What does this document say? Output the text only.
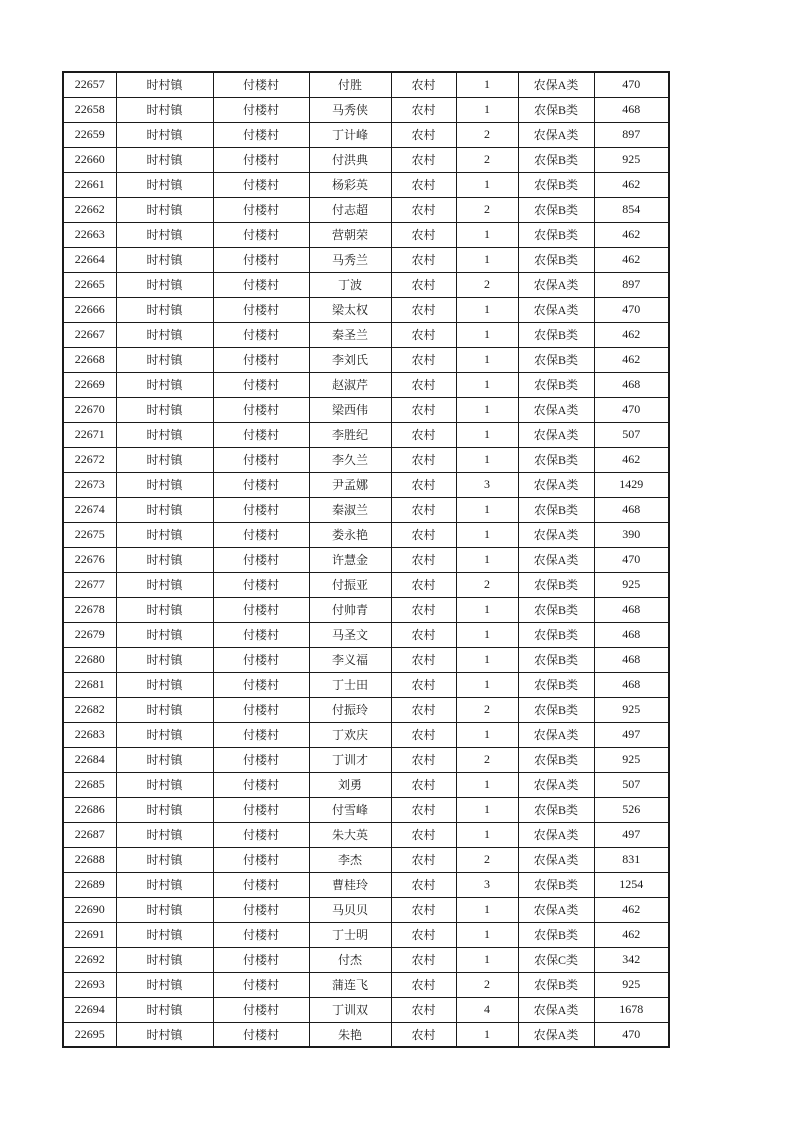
22657	时村镇	付楼村	付胜	农村	1	农保A类	470
22658	时村镇	付楼村	马秀侠	农村	1	农保B类	468
22659	时村镇	付楼村	丁计峰	农村	2	农保A类	897
22660	时村镇	付楼村	付洪典	农村	2	农保B类	925
22661	时村镇	付楼村	杨彩英	农村	1	农保B类	462
22662	时村镇	付楼村	付志超	农村	2	农保B类	854
22663	时村镇	付楼村	营朝荣	农村	1	农保B类	462
22664	时村镇	付楼村	马秀兰	农村	1	农保B类	462
22665	时村镇	付楼村	丁波	农村	2	农保A类	897
22666	时村镇	付楼村	梁太权	农村	1	农保A类	470
22667	时村镇	付楼村	秦圣兰	农村	1	农保B类	462
22668	时村镇	付楼村	李刘氏	农村	1	农保B类	462
22669	时村镇	付楼村	赵淑芹	农村	1	农保B类	468
22670	时村镇	付楼村	梁西伟	农村	1	农保A类	470
22671	时村镇	付楼村	李胜纪	农村	1	农保A类	507
22672	时村镇	付楼村	李久兰	农村	1	农保B类	462
22673	时村镇	付楼村	尹孟娜	农村	3	农保A类	1429
22674	时村镇	付楼村	秦淑兰	农村	1	农保B类	468
22675	时村镇	付楼村	娄永艳	农村	1	农保A类	390
22676	时村镇	付楼村	许慧金	农村	1	农保A类	470
22677	时村镇	付楼村	付振亚	农村	2	农保B类	925
22678	时村镇	付楼村	付帅青	农村	1	农保B类	468
22679	时村镇	付楼村	马圣文	农村	1	农保B类	468
22680	时村镇	付楼村	李义福	农村	1	农保B类	468
22681	时村镇	付楼村	丁士田	农村	1	农保B类	468
22682	时村镇	付楼村	付振玲	农村	2	农保B类	925
22683	时村镇	付楼村	丁欢庆	农村	1	农保A类	497
22684	时村镇	付楼村	丁训才	农村	2	农保B类	925
22685	时村镇	付楼村	刘勇	农村	1	农保A类	507
22686	时村镇	付楼村	付雪峰	农村	1	农保B类	526
22687	时村镇	付楼村	朱大英	农村	1	农保A类	497
22688	时村镇	付楼村	李杰	农村	2	农保A类	831
22689	时村镇	付楼村	曹桂玲	农村	3	农保B类	1254
22690	时村镇	付楼村	马贝贝	农村	1	农保A类	462
22691	时村镇	付楼村	丁士明	农村	1	农保B类	462
22692	时村镇	付楼村	付杰	农村	1	农保C类	342
22693	时村镇	付楼村	蒲连飞	农村	2	农保B类	925
22694	时村镇	付楼村	丁训双	农村	4	农保A类	1678
22695	时村镇	付楼村	朱艳	农村	1	农保A类	470
